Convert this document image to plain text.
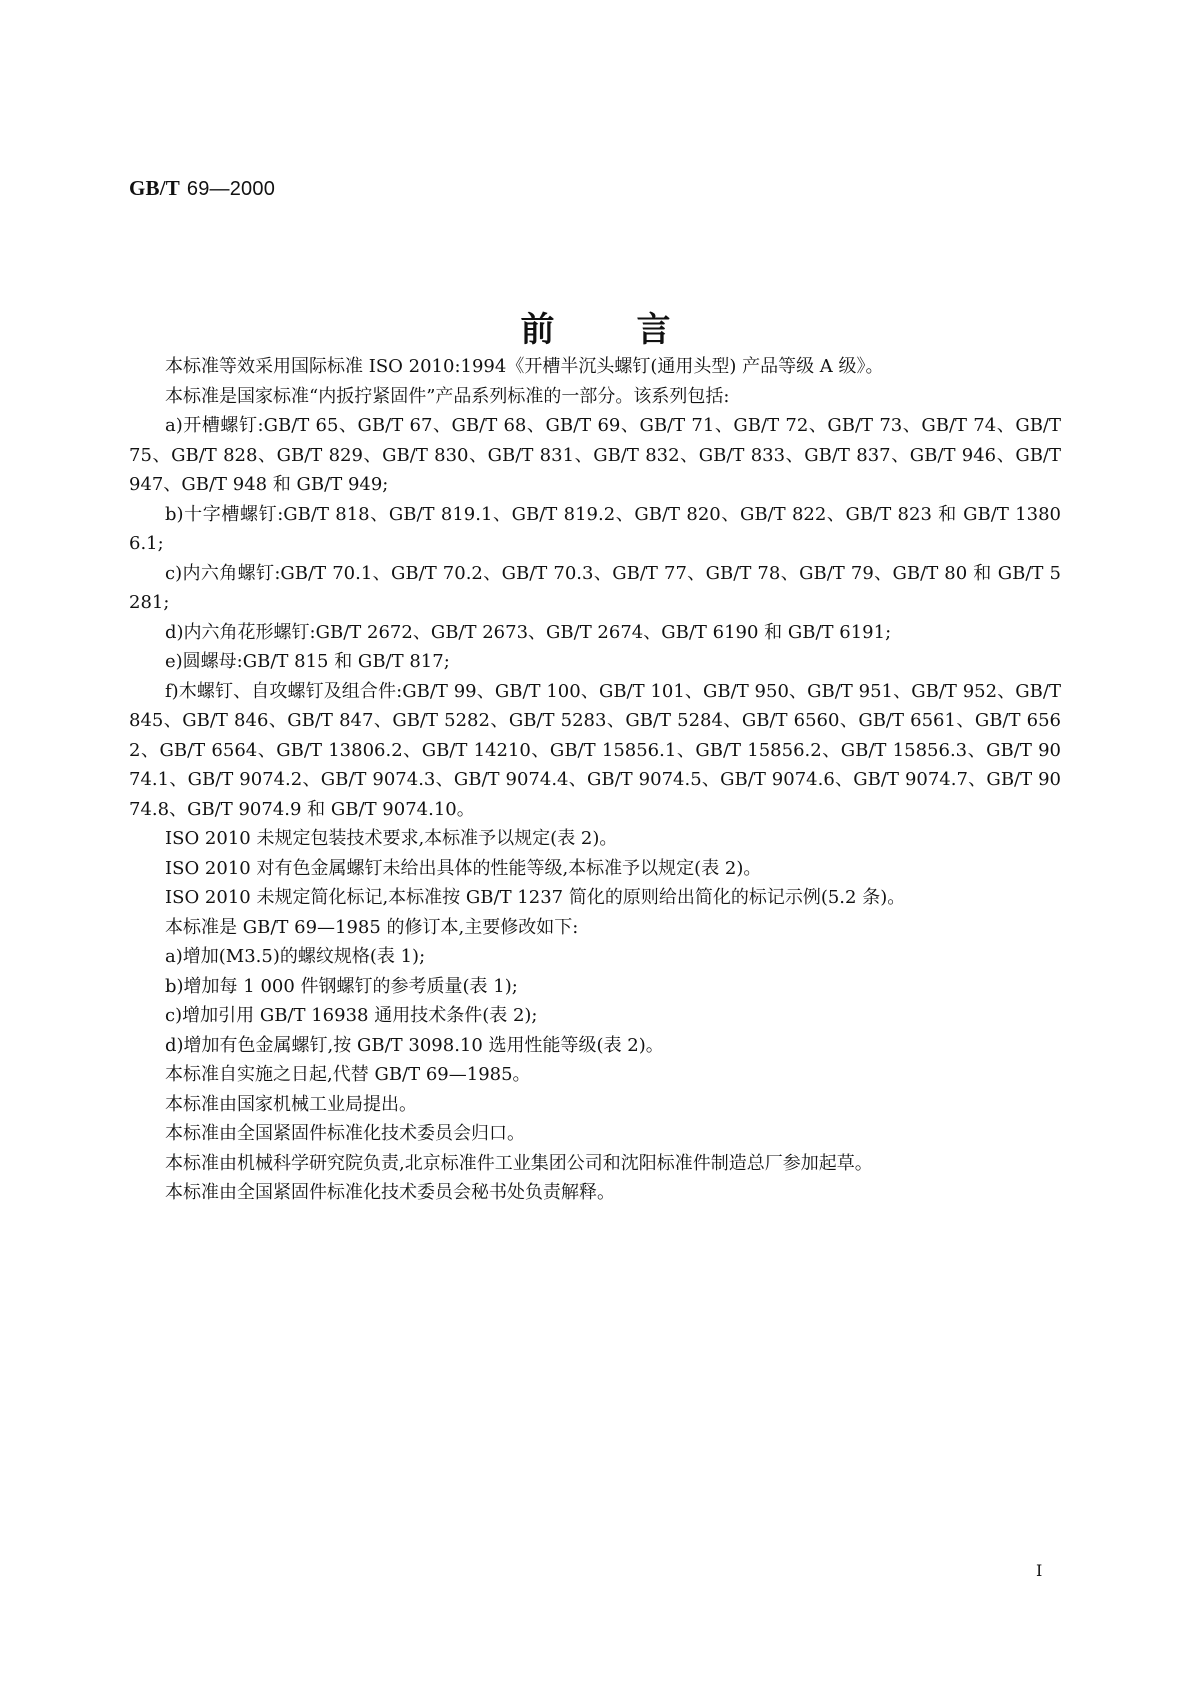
GB/T 69—2000
前 言

本标准等效采用国际标准 ISO 2010:1994《开槽半沉头螺钉(通用头型) 产品等级 A 级》。

本标准是国家标准“内扳拧紧固件”产品系列标准的一部分。该系列包括:

a)开槽螺钉:GB/T 65、GB/T 67、GB/T 68、GB/T 69、GB/T 71、GB/T 72、GB/T 73、GB/T 74、GB/T 75、GB/T 828、GB/T 829、GB/T 830、GB/T 831、GB/T 832、GB/T 833、GB/T 837、GB/T 946、GB/T 947、GB/T 948 和 GB/T 949;

b)十字槽螺钉:GB/T 818、GB/T 819.1、GB/T 819.2、GB/T 820、GB/T 822、GB/T 823 和 GB/T 13806.1;

c)内六角螺钉:GB/T 70.1、GB/T 70.2、GB/T 70.3、GB/T 77、GB/T 78、GB/T 79、GB/T 80 和 GB/T 5281;

d)内六角花形螺钉:GB/T 2672、GB/T 2673、GB/T 2674、GB/T 6190 和 GB/T 6191;

e)圆螺母:GB/T 815 和 GB/T 817;

f)木螺钉、自攻螺钉及组合件:GB/T 99、GB/T 100、GB/T 101、GB/T 950、GB/T 951、GB/T 952、GB/T 845、GB/T 846、GB/T 847、GB/T 5282、GB/T 5283、GB/T 5284、GB/T 6560、GB/T 6561、GB/T 6562、GB/T 6564、GB/T 13806.2、GB/T 14210、GB/T 15856.1、GB/T 15856.2、GB/T 15856.3、GB/T 9074.1、GB/T 9074.2、GB/T 9074.3、GB/T 9074.4、GB/T 9074.5、GB/T 9074.6、GB/T 9074.7、GB/T 9074.8、GB/T 9074.9 和 GB/T 9074.10。

ISO 2010 未规定包装技术要求,本标准予以规定(表 2)。

ISO 2010 对有色金属螺钉未给出具体的性能等级,本标准予以规定(表 2)。

ISO 2010 未规定简化标记,本标准按 GB/T 1237 简化的原则给出简化的标记示例(5.2 条)。

本标准是 GB/T 69—1985 的修订本,主要修改如下:

a)增加(M3.5)的螺纹规格(表 1);

b)增加每 1 000 件钢螺钉的参考质量(表 1);

c)增加引用 GB/T 16938 通用技术条件(表 2);

d)增加有色金属螺钉,按 GB/T 3098.10 选用性能等级(表 2)。

本标准自实施之日起,代替 GB/T 69—1985。

本标准由国家机械工业局提出。

本标准由全国紧固件标准化技术委员会归口。

本标准由机械科学研究院负责,北京标准件工业集团公司和沈阳标准件制造总厂参加起草。

本标准由全国紧固件标准化技术委员会秘书处负责解释。

I
